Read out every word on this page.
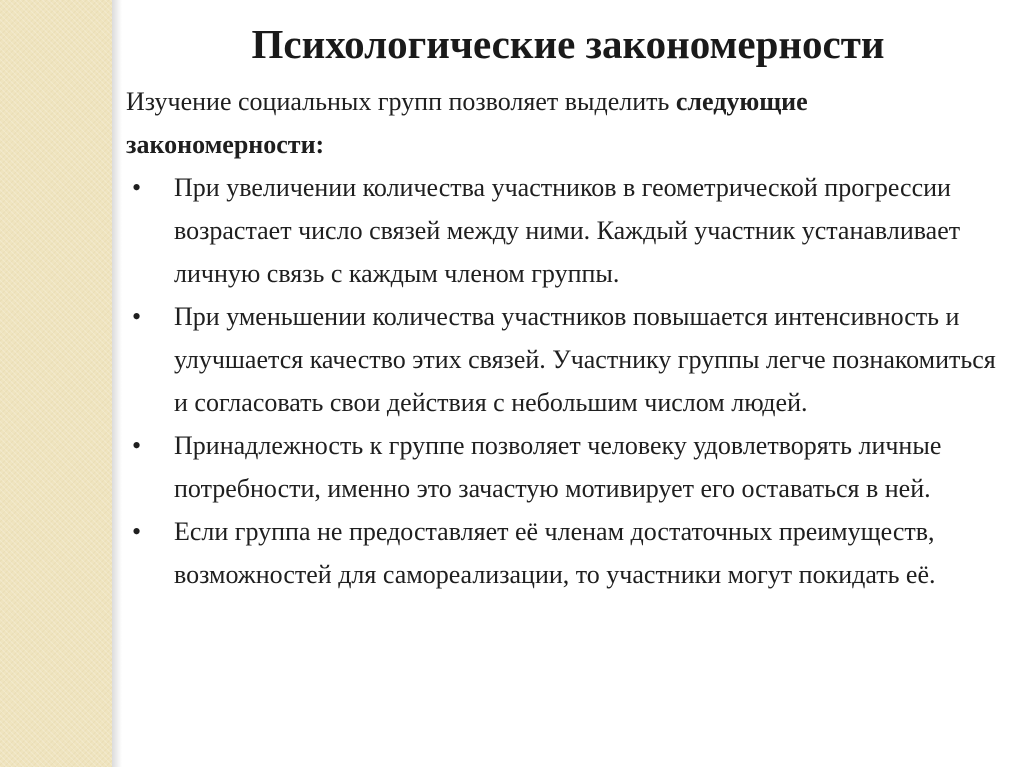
Психологические закономерности

Изучение социальных групп позволяет выделить следующие закономерности:

• При увеличении количества участников в геометрической прогрессии возрастает число связей между ними. Каждый участник устанавливает личную связь с каждым членом группы.
• При уменьшении количества участников повышается интенсивность и улучшается качество этих связей. Участнику группы легче познакомиться и согласовать свои действия с небольшим числом людей.
• Принадлежность к группе позволяет человеку удовлетворять личные потребности, именно это зачастую мотивирует его оставаться в ней.
• Если группа не предоставляет её членам достаточных преимуществ, возможностей для самореализации, то участники могут покидать её.
